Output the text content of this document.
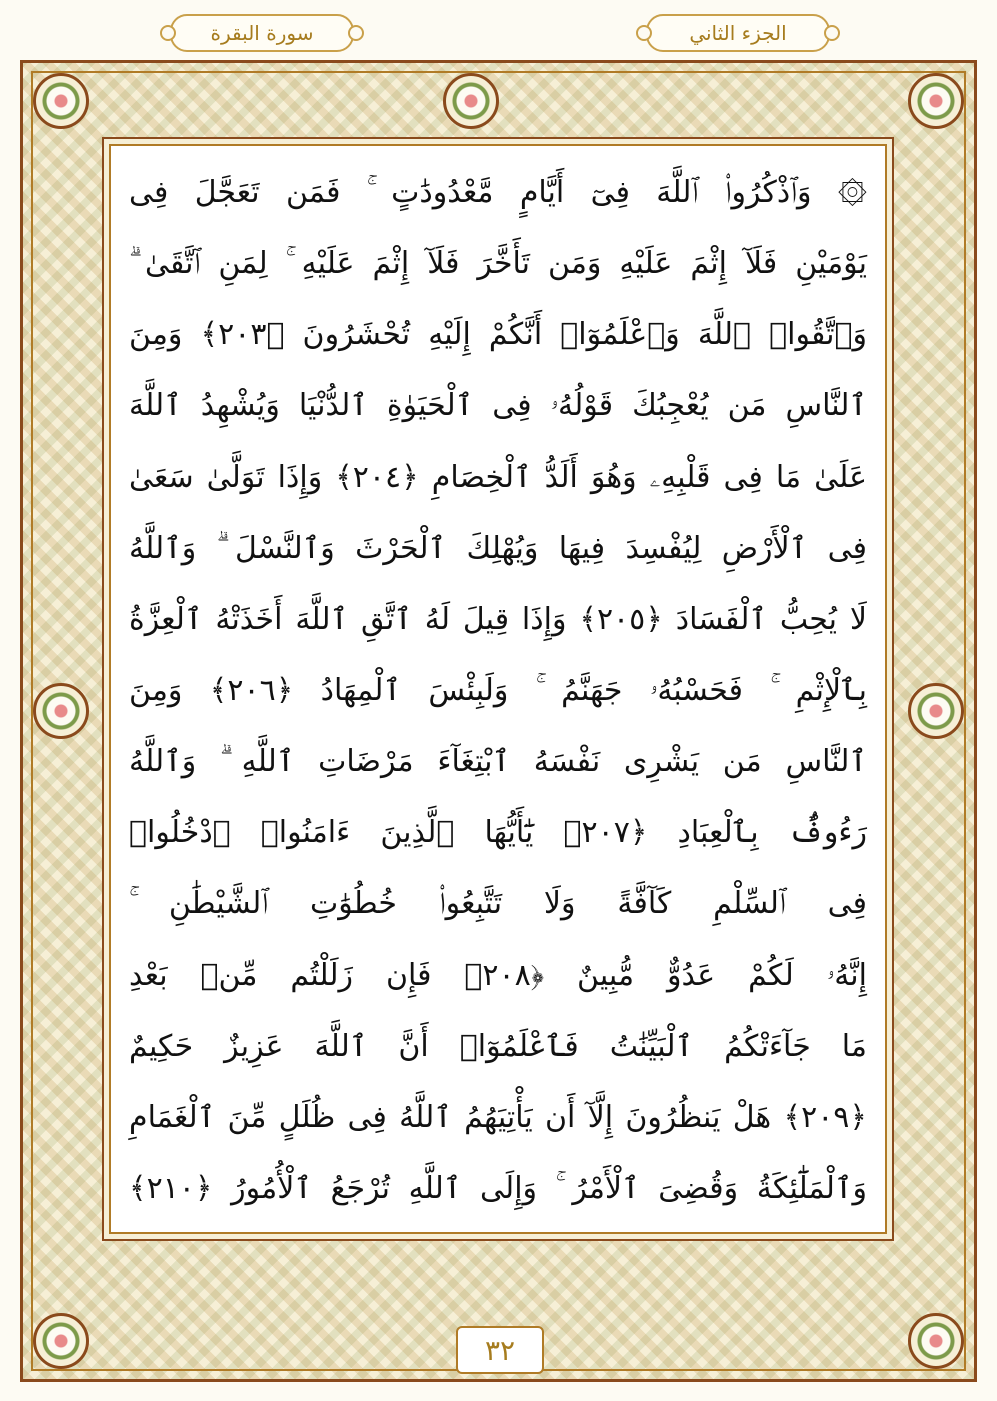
الجزء الثاني
سورة البقرة
۞ وَٱذْكُرُوا۟ ٱللَّهَ فِىٓ أَيَّامٍ مَّعْدُودَٰتٍ ۚ فَمَن تَعَجَّلَ فِى
يَوْمَيْنِ فَلَآ إِثْمَ عَلَيْهِ وَمَن تَأَخَّرَ فَلَآ إِثْمَ عَلَيْهِ ۚ لِمَنِ ٱتَّقَىٰ ۗ
وَٱتَّقُوا۟ ٱللَّهَ وَٱعْلَمُوٓا۟ أَنَّكُمْ إِلَيْهِ تُحْشَرُونَ ﴿٢٠٣﴾ وَمِنَ
ٱلنَّاسِ مَن يُعْجِبُكَ قَوْلُهُۥ فِى ٱلْحَيَوٰةِ ٱلدُّنْيَا وَيُشْهِدُ ٱللَّهَ
عَلَىٰ مَا فِى قَلْبِهِۦ وَهُوَ أَلَدُّ ٱلْخِصَامِ ﴿٢٠٤﴾ وَإِذَا تَوَلَّىٰ سَعَىٰ
فِى ٱلْأَرْضِ لِيُفْسِدَ فِيهَا وَيُهْلِكَ ٱلْحَرْثَ وَٱلنَّسْلَ ۗ وَٱللَّهُ
لَا يُحِبُّ ٱلْفَسَادَ ﴿٢٠٥﴾ وَإِذَا قِيلَ لَهُ ٱتَّقِ ٱللَّهَ أَخَذَتْهُ ٱلْعِزَّةُ
بِٱلْإِثْمِ ۚ فَحَسْبُهُۥ جَهَنَّمُ ۚ وَلَبِئْسَ ٱلْمِهَادُ ﴿٢٠٦﴾ وَمِنَ
ٱلنَّاسِ مَن يَشْرِى نَفْسَهُ ٱبْتِغَآءَ مَرْضَاتِ ٱللَّهِ ۗ وَٱللَّهُ
رَءُوفٌۢ بِٱلْعِبَادِ ﴿٢٠٧﴾ يَٰٓأَيُّهَا ٱلَّذِينَ ءَامَنُوا۟ ٱدْخُلُوا۟
فِى ٱلسِّلْمِ كَآفَّةً وَلَا تَتَّبِعُوا۟ خُطُوَٰتِ ٱلشَّيْطَٰنِ ۚ
إِنَّهُۥ لَكُمْ عَدُوٌّ مُّبِينٌ ﴿٢٠٨﴾ فَإِن زَلَلْتُم مِّنۢ بَعْدِ
مَا جَآءَتْكُمُ ٱلْبَيِّنَٰتُ فَٱعْلَمُوٓا۟ أَنَّ ٱللَّهَ عَزِيزٌ حَكِيمٌ
﴿٢٠٩﴾ هَلْ يَنظُرُونَ إِلَّآ أَن يَأْتِيَهُمُ ٱللَّهُ فِى ظُلَلٍ مِّنَ ٱلْغَمَامِ
وَٱلْمَلَٰٓئِكَةُ وَقُضِىَ ٱلْأَمْرُ ۚ وَإِلَى ٱللَّهِ تُرْجَعُ ٱلْأُمُورُ ﴿٢١٠﴾
٣٢
